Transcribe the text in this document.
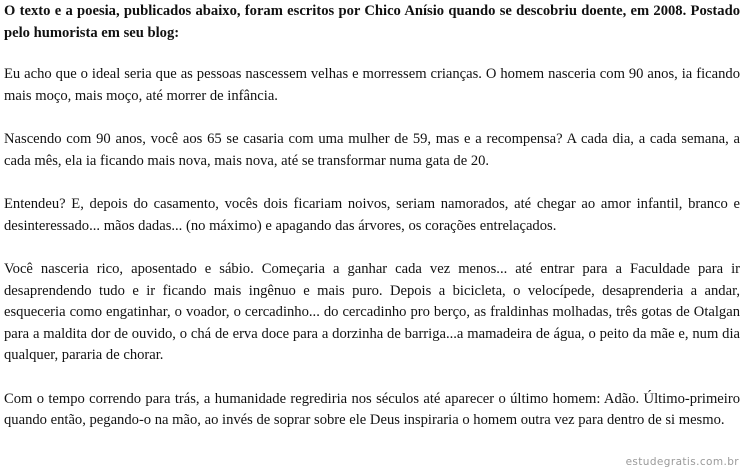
O texto e a poesia, publicados abaixo, foram escritos por Chico Anísio quando se descobriu doente, em 2008. Postado pelo humorista em seu blog:

Eu acho que o ideal seria que as pessoas nascessem velhas e morressem crianças. O homem nasceria com 90 anos, ia ficando mais moço, mais moço, até morrer de infância.

Nascendo com 90 anos, você aos 65 se casaria com uma mulher de 59, mas e a recompensa? A cada dia, a cada semana, a cada mês, ela ia ficando mais nova, mais nova, até se transformar numa gata de 20.

Entendeu? E, depois do casamento, vocês dois ficariam noivos, seriam namorados, até chegar ao amor infantil, branco e desinteressado... mãos dadas... (no máximo) e apagando das árvores, os corações entrelaçados.

Você nasceria rico, aposentado e sábio. Começaria a ganhar cada vez menos... até entrar para a Faculdade para ir desaprendendo tudo e ir ficando mais ingênuo e mais puro. Depois a bicicleta, o velocípede, desaprenderia a andar, esqueceria como engatinhar, o voador, o cercadinho... do cercadinho pro berço, as fraldinhas molhadas, três gotas de Otalgan para a maldita dor de ouvido, o chá de erva doce para a dorzinha de barriga...a mamadeira de água, o peito da mãe e, num dia qualquer, pararia de chorar.

Com o tempo correndo para trás, a humanidade regrediria nos séculos até aparecer o último homem: Adão. Último-primeiro quando então, pegando-o na mão, ao invés de soprar sobre ele Deus inspiraria o homem outra vez para dentro de si mesmo.

estudegratis.com.br
